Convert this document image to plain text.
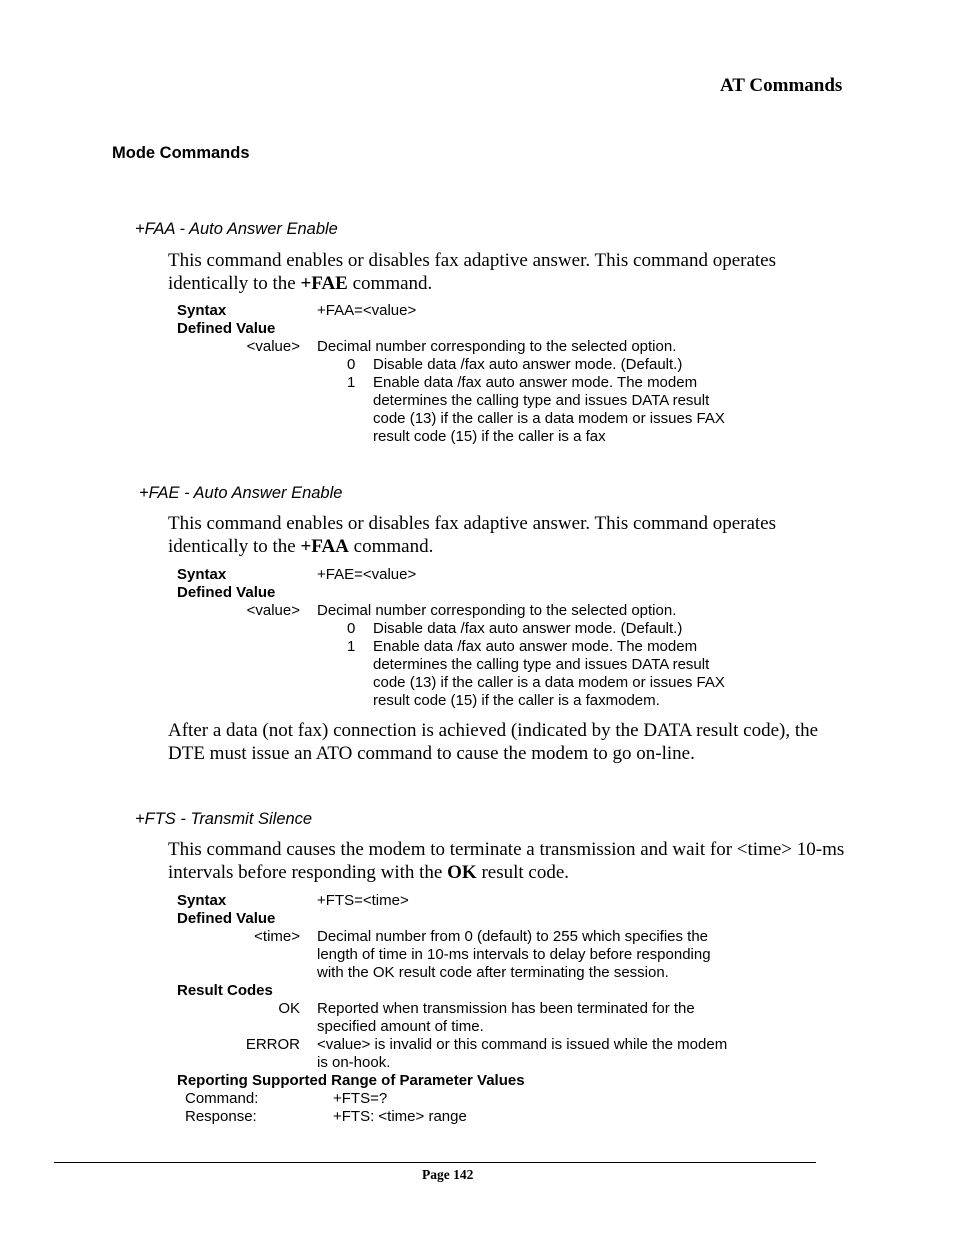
AT Commands
Mode Commands
+FAA - Auto Answer Enable
This command enables or disables fax adaptive answer. This command operates
identically to the +FAE command.
Syntax	+FAA=<value>
Defined Value
<value> Decimal number corresponding to the selected option.
0 Disable data /fax auto answer mode. (Default.)
1 Enable data /fax auto answer mode. The modem
determines the calling type and issues DATA result
code (13) if the caller is a data modem or issues FAX
result code (15) if the caller is a fax
+FAE - Auto Answer Enable
This command enables or disables fax adaptive answer. This command operates
identically to the +FAA command.
Syntax	+FAE=<value>
Defined Value
<value> Decimal number corresponding to the selected option.
0 Disable data /fax auto answer mode. (Default.)
1 Enable data /fax auto answer mode. The modem
determines the calling type and issues DATA result
code (13) if the caller is a data modem or issues FAX
result code (15) if the caller is a faxmodem.
After a data (not fax) connection is achieved (indicated by the DATA result code), the
DTE must issue an ATO command to cause the modem to go on-line.
+FTS - Transmit Silence
This command causes the modem to terminate a transmission and wait for <time> 10-ms
intervals before responding with the OK result code.
Syntax	+FTS=<time>
Defined Value
<time> Decimal number from 0 (default) to 255 which specifies the
length of time in 10-ms intervals to delay before responding
with the OK result code after terminating the session.
Result Codes
OK Reported when transmission has been terminated for the
specified amount of time.
ERROR <value> is invalid or this command is issued while the modem
is on-hook.
Reporting Supported Range of Parameter Values
Command:	+FTS=?
Response:	+FTS: <time> range
Page 142
